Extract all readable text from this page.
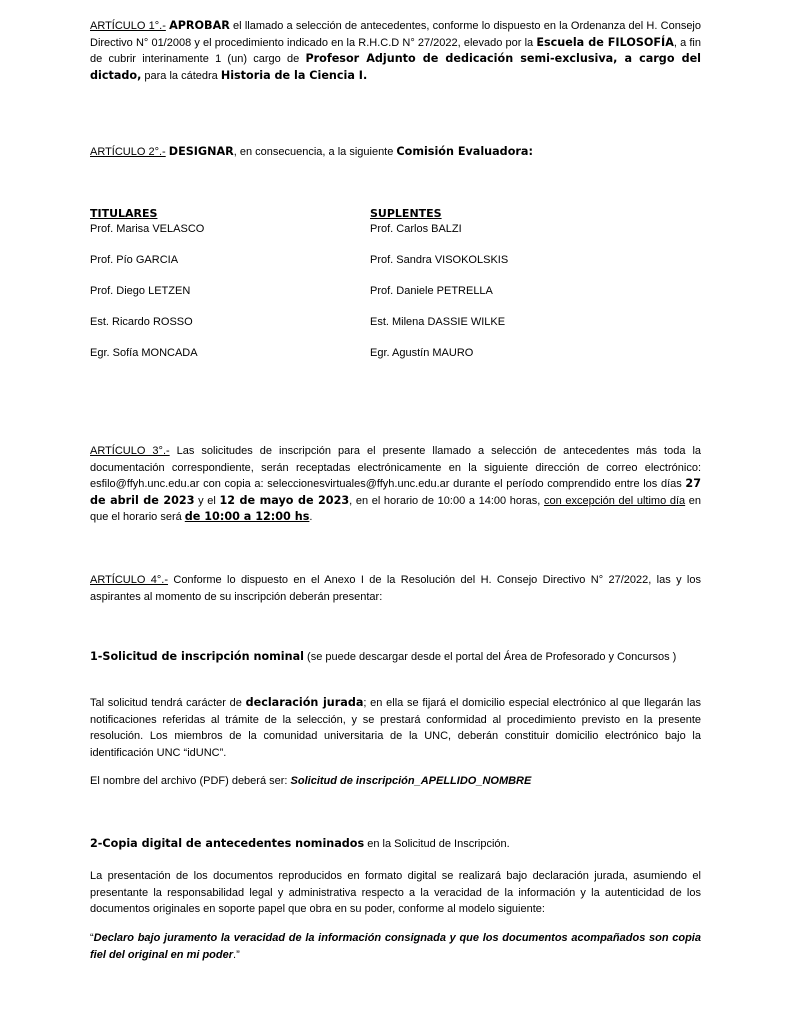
ARTÍCULO 1°.- APROBAR el llamado a selección de antecedentes, conforme lo dispuesto en la Ordenanza del H. Consejo Directivo N° 01/2008 y el procedimiento indicado en la R.H.C.D N° 27/2022, elevado por la Escuela de FILOSOFÍA, a fin de cubrir interinamente 1 (un) cargo de Profesor Adjunto de dedicación semi-exclusiva, a cargo del dictado, para la cátedra Historia de la Ciencia I.
ARTÍCULO 2°.- DESIGNAR, en consecuencia, a la siguiente Comisión Evaluadora:
TITULARES
Prof. Marisa VELASCO
Prof. Pío GARCIA
Prof. Diego LETZEN
Est. Ricardo ROSSO
Egr. Sofía MONCADA
SUPLENTES
Prof. Carlos BALZI
Prof. Sandra VISOKOLSKIS
Prof. Daniele PETRELLA
Est. Milena DASSIE WILKE
Egr. Agustín MAURO
ARTÍCULO 3°.- Las solicitudes de inscripción para el presente llamado a selección de antecedentes más toda la documentación correspondiente, serán receptadas electrónicamente en la siguiente dirección de correo electrónico: esfilo@ffyh.unc.edu.ar con copia a: seleccionesvirtuales@ffyh.unc.edu.ar durante el período comprendido entre los días 27 de abril de 2023 y el 12 de mayo de 2023, en el horario de 10:00 a 14:00 horas, con excepción del ultimo día en que el horario será de 10:00 a 12:00 hs.
ARTÍCULO 4°.- Conforme lo dispuesto en el Anexo I de la Resolución del H. Consejo Directivo N° 27/2022, las y los aspirantes al momento de su inscripción deberán presentar:
1-Solicitud de inscripción nominal (se puede descargar desde el portal del Área de Profesorado y Concursos )
Tal solicitud tendrá carácter de declaración jurada; en ella se fijará el domicilio especial electrónico al que llegarán las notificaciones referidas al trámite de la selección, y se prestará conformidad al procedimiento previsto en la presente resolución. Los miembros de la comunidad universitaria de la UNC, deberán constituir domicilio electrónico bajo la identificación UNC “idUNC”.
El nombre del archivo (PDF) deberá ser: Solicitud de inscripción_APELLIDO_NOMBRE
2-Copia digital de antecedentes nominados en la Solicitud de Inscripción.
La presentación de los documentos reproducidos en formato digital se realizará bajo declaración jurada, asumiendo el presentante la responsabilidad legal y administrativa respecto a la veracidad de la información y la autenticidad de los documentos originales en soporte papel que obra en su poder, conforme al modelo siguiente:
“Declaro bajo juramento la veracidad de la información consignada y que los documentos acompañados son copia fiel del original en mi poder.”
